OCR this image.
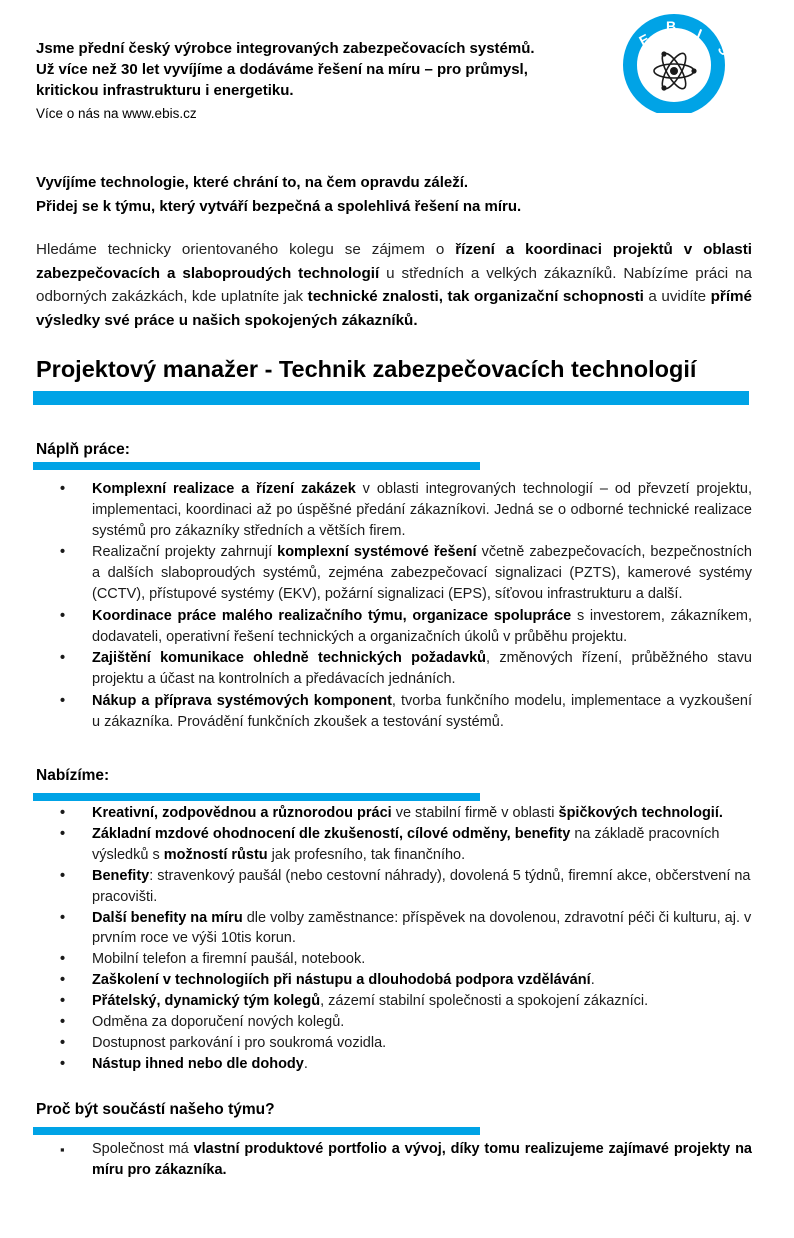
Jsme přední český výrobce integrovaných zabezpečovacích systémů.
Už více než 30 let vyvíjíme a dodáváme řešení na míru – pro průmysl,
kritickou infrastrukturu i energetiku.
Více o nás na www.ebis.cz
E
B I
S
Vyvíjíme technologie, které chrání to, na čem opravdu záleží.
Přidej se k týmu, který vytváří bezpečná a spolehlivá řešení na míru.
Hledáme technicky orientovaného kolegu se zájmem o řízení a koordinaci projektů v oblasti zabezpečovacích a slaboproudých technologií u středních a velkých zákazníků. Nabízíme práci na odborných zakázkách, kde uplatníte jak technické znalosti, tak organizační schopnosti a uvidíte přímé výsledky své práce u našich spokojených zákazníků.
Projektový manažer - Technik zabezpečovacích technologií
Náplň práce:
• Komplexní realizace a řízení zakázek v oblasti integrovaných technologií – od převzetí projektu, implementaci, koordinaci až po úspěšné předání zákazníkovi. Jedná se o odborné technické realizace systémů pro zákazníky středních a větších firem.
• Realizační projekty zahrnují komplexní systémové řešení včetně zabezpečovacích, bezpečnostních a dalších slaboproudých systémů, zejména zabezpečovací signalizaci (PZTS), kamerové systémy (CCTV), přístupové systémy (EKV), požární signalizaci (EPS), síťovou infrastrukturu a další.
• Koordinace práce malého realizačního týmu, organizace spolupráce s investorem, zákazníkem, dodavateli, operativní řešení technických a organizačních úkolů v průběhu projektu.
• Zajištění komunikace ohledně technických požadavků, změnových řízení, průběžného stavu projektu a účast na kontrolních a předávacích jednáních.
• Nákup a příprava systémových komponent, tvorba funkčního modelu, implementace a vyzkoušení u zákazníka. Provádění funkčních zkoušek a testování systémů.
Nabízíme:
• Kreativní, zodpovědnou a různorodou práci ve stabilní firmě v oblasti špičkových technologií.
• Základní mzdové ohodnocení dle zkušeností, cílové odměny, benefity na základě pracovních výsledků s možností růstu jak profesního, tak finančního.
• Benefity: stravenkový paušál (nebo cestovní náhrady), dovolená 5 týdnů, firemní akce, občerstvení na pracovišti.
• Další benefity na míru dle volby zaměstnance: příspěvek na dovolenou, zdravotní péči či kulturu, aj. v prvním roce ve výši 10tis korun.
• Mobilní telefon a firemní paušál, notebook.
• Zaškolení v technologiích při nástupu a dlouhodobá podpora vzdělávání.
• Přátelský, dynamický tým kolegů, zázemí stabilní společnosti a spokojení zákazníci.
• Odměna za doporučení nových kolegů.
• Dostupnost parkování i pro soukromá vozidla.
• Nástup ihned nebo dle dohody.
Proč být součástí našeho týmu?
▪ Společnost má vlastní produktové portfolio a vývoj, díky tomu realizujeme zajímavé projekty na míru pro zákazníka.
